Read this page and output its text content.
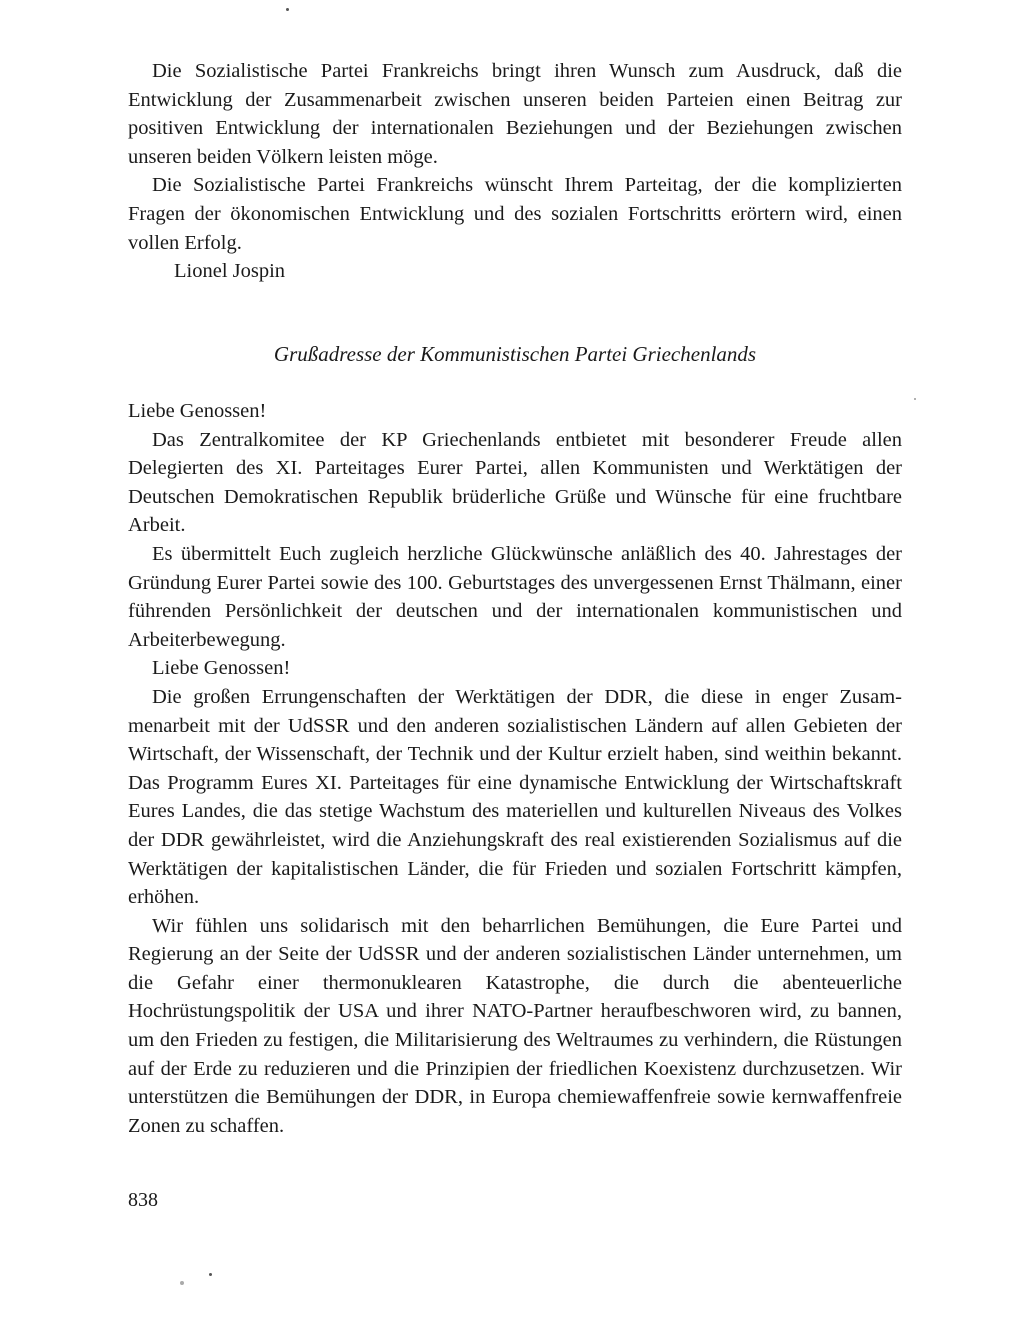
Die Sozialistische Partei Frankreichs bringt ihren Wunsch zum Ausdruck, daß die Entwicklung der Zusammenarbeit zwischen unseren beiden Parteien einen Beitrag zur positiven Entwicklung der internationalen Beziehungen und der Beziehungen zwischen unseren beiden Völkern leisten möge.

Die Sozialistische Partei Frankreichs wünscht Ihrem Parteitag, der die komplizierten Fragen der ökonomischen Entwicklung und des sozialen Fortschritts erörtern wird, einen vollen Erfolg.

Lionel Jospin

Grußadresse der Kommunistischen Partei Griechenlands

Liebe Genossen!

Das Zentralkomitee der KP Griechenlands entbietet mit besonderer Freude allen Delegierten des XI. Parteitages Eurer Partei, allen Kommunisten und Werktätigen der Deutschen Demokratischen Republik brüderliche Grüße und Wünsche für eine fruchtbare Arbeit.

Es übermittelt Euch zugleich herzliche Glückwünsche anläßlich des 40. Jahrestages der Gründung Eurer Partei sowie des 100. Geburtstages des unvergessenen Ernst Thälmann, einer führenden Persönlichkeit der deutschen und der internationalen kommunistischen und Arbeiterbewegung.

Liebe Genossen!

Die großen Errungenschaften der Werktätigen der DDR, die diese in enger Zusammenarbeit mit der UdSSR und den anderen sozialistischen Ländern auf allen Gebieten der Wirtschaft, der Wissenschaft, der Technik und der Kultur erzielt haben, sind weithin bekannt. Das Programm Eures XI. Parteitages für eine dynamische Entwicklung der Wirtschaftskraft Eures Landes, die das stetige Wachstum des materiellen und kulturellen Niveaus des Volkes der DDR gewährleistet, wird die Anziehungskraft des real existierenden Sozialismus auf die Werktätigen der kapitalistischen Länder, die für Frieden und sozialen Fortschritt kämpfen, erhöhen.

Wir fühlen uns solidarisch mit den beharrlichen Bemühungen, die Eure Partei und Regierung an der Seite der UdSSR und der anderen sozialistischen Länder unternehmen, um die Gefahr einer thermonuklearen Katastrophe, die durch die abenteuerliche Hochrüstungspolitik der USA und ihrer NATO-Partner heraufbeschworen wird, zu bannen, um den Frieden zu festigen, die Militarisierung des Weltraumes zu verhindern, die Rüstungen auf der Erde zu reduzieren und die Prinzipien der friedlichen Koexistenz durchzusetzen. Wir unterstützen die Bemühungen der DDR, in Europa chemiewaffenfreie sowie kernwaffenfreie Zonen zu schaffen.

838
